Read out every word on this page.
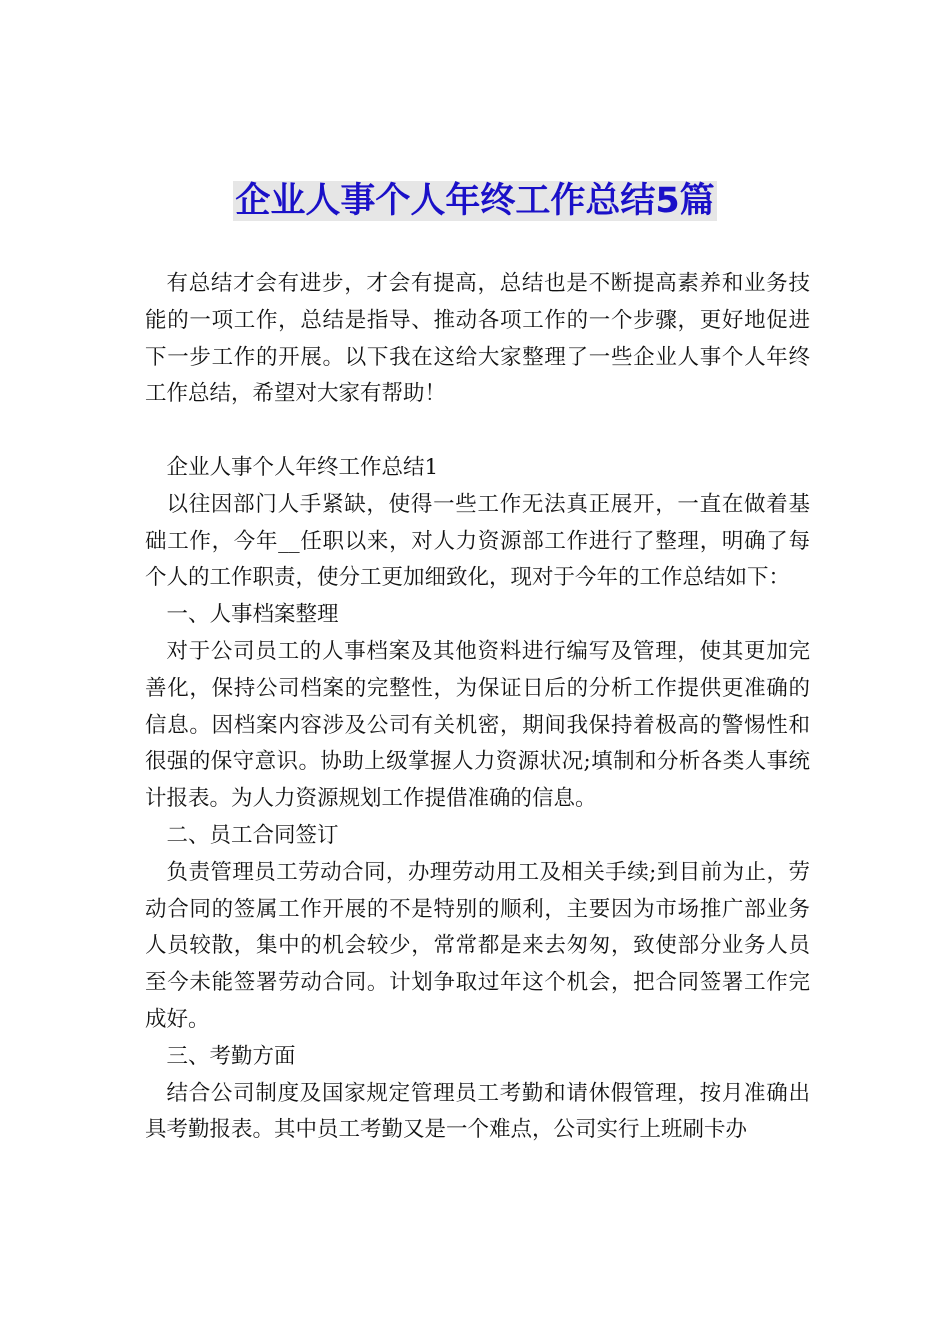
企业人事个人年终工作总结5篇

有总结才会有进步，才会有提高，总结也是不断提高素养和业务技能的一项工作，总结是指导、推动各项工作的一个步骤，更好地促进下一步工作的开展。以下我在这给大家整理了一些企业人事个人年终工作总结，希望对大家有帮助！

企业人事个人年终工作总结1

以往因部门人手紧缺，使得一些工作无法真正展开，一直在做着基础工作，今年__任职以来，对人力资源部工作进行了整理，明确了每个人的工作职责，使分工更加细致化，现对于今年的工作总结如下：

一、人事档案整理

对于公司员工的人事档案及其他资料进行编写及管理，使其更加完善化，保持公司档案的完整性，为保证日后的分析工作提供更准确的信息。因档案内容涉及公司有关机密，期间我保持着极高的警惕性和很强的保守意识。协助上级掌握人力资源状况;填制和分析各类人事统计报表。为人力资源规划工作提借准确的信息。

二、员工合同签订

负责管理员工劳动合同，办理劳动用工及相关手续;到目前为止，劳动合同的签属工作开展的不是特别的顺利，主要因为市场推广部业务人员较散，集中的机会较少，常常都是来去匆匆，致使部分业务人员至今未能签署劳动合同。计划争取过年这个机会，把合同签署工作完成好。

三、考勤方面

结合公司制度及国家规定管理员工考勤和请休假管理，按月准确出具考勤报表。其中员工考勤又是一个难点，公司实行上班刷卡办
